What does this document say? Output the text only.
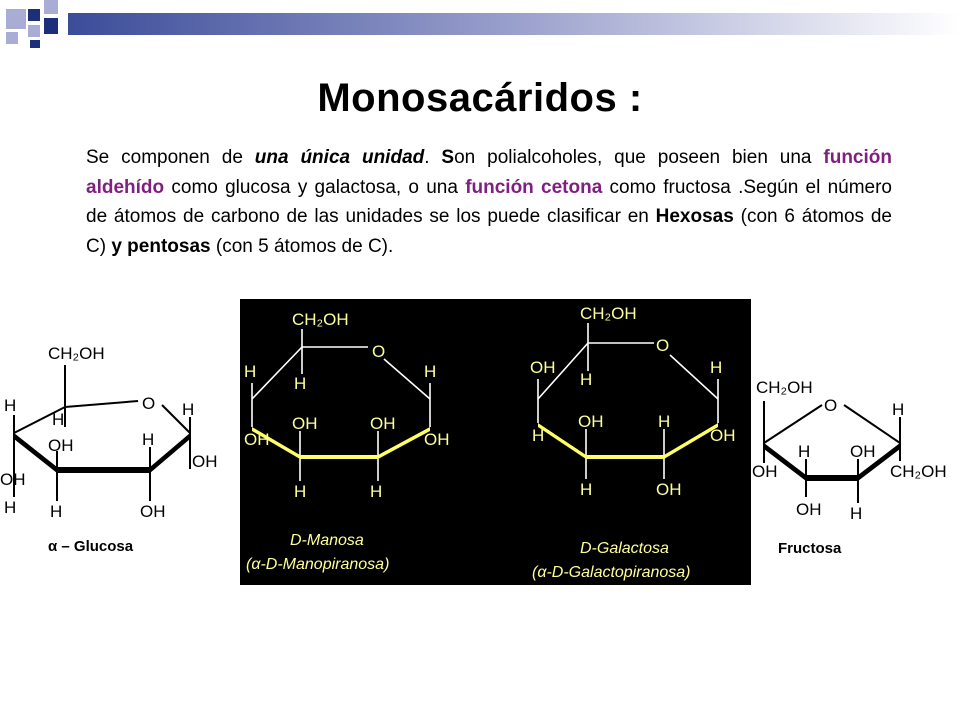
Monosacáridos :

Se componen de una única unidad. Son polialcoholes, que poseen bien una función aldehído como glucosa y galactosa, o una función cetona como fructosa .Según el número de átomos de carbono de las unidades se los puede clasificar en Hexosas (con 6 átomos de C) y pentosas (con 5 átomos de C).

CH₂OH
O
H
H
H
H
OH
OH
OH
H H	OH
α – Glucosa
CH₂OH
O
H
H
H
OH	OH
OH	OH
H	H
D-Manosa
(α-D-Manopiranosa)
CH₂OH
O
OH
H
H
OH	H
H	OH
H	OH
D-Galactosa
(α-D-Galactopiranosa)
CH₂OH
O	H
H OH
OH	CH₂OH
OH H
Fructosa
